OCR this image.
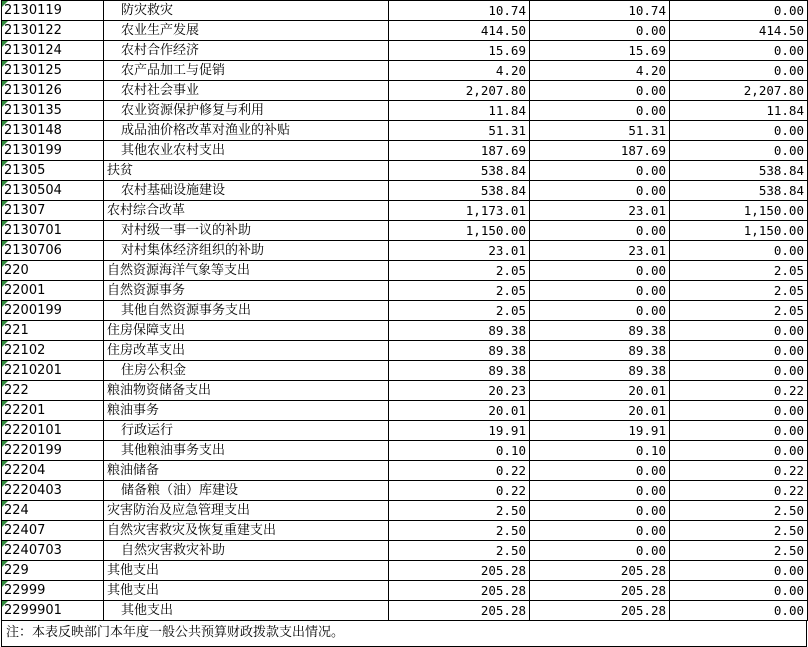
2130119	防灾救灾	10.74	10.74	0.00

2130122	农业生产发展	414.50	0.00	414.50

2130124	农村合作经济	15.69	15.69	0.00

2130125	农产品加工与促销	4.20	4.20	0.00

2130126	农村社会事业	2,207.80	0.00	2,207.80

2130135	农业资源保护修复与利用	11.84	0.00	11.84

2130148	成品油价格改革对渔业的补贴	51.31	51.31	0.00

2130199	其他农业农村支出	187.69	187.69	0.00

21305	扶贫	538.84	0.00	538.84

2130504	农村基础设施建设	538.84	0.00	538.84

21307	农村综合改革	1,173.01	23.01	1,150.00

2130701	对村级一事一议的补助	1,150.00	0.00	1,150.00

2130706	对村集体经济组织的补助	23.01	23.01	0.00

220	自然资源海洋气象等支出	2.05	0.00	2.05

22001	自然资源事务	2.05	0.00	2.05

2200199	其他自然资源事务支出	2.05	0.00	2.05

221	住房保障支出	89.38	89.38	0.00

22102	住房改革支出	89.38	89.38	0.00

2210201	住房公积金	89.38	89.38	0.00

222	粮油物资储备支出	20.23	20.01	0.22

22201	粮油事务	20.01	20.01	0.00

2220101	行政运行	19.91	19.91	0.00

2220199	其他粮油事务支出	0.10	0.10	0.00

22204	粮油储备	0.22	0.00	0.22

2220403	储备粮（油）库建设	0.22	0.00	0.22

224	灾害防治及应急管理支出	2.50	0.00	2.50

22407	自然灾害救灾及恢复重建支出	2.50	0.00	2.50

2240703	自然灾害救灾补助	2.50	0.00	2.50

229	其他支出	205.28	205.28	0.00

22999	其他支出	205.28	205.28	0.00

2299901	其他支出	205.28	205.28	0.00
注：本表反映部门本年度一般公共预算财政拨款支出情况。
